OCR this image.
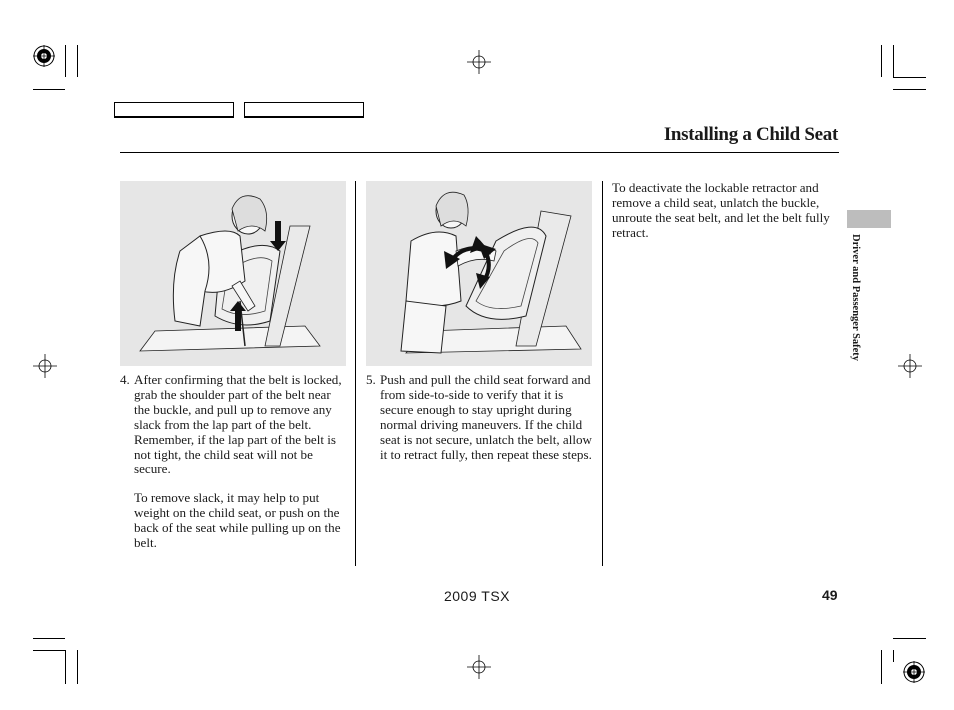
Installing a Child Seat
4. After confirming that the belt is locked, grab the shoulder part of the belt near the buckle, and pull up to remove any slack from the lap part of the belt. Remember, if the lap part of the belt is not tight, the child seat will not be secure.
To remove slack, it may help to put weight on the child seat, or push on the back of the seat while pulling up on the belt.
5. Push and pull the child seat forward and from side-to-side to verify that it is secure enough to stay upright during normal driving maneuvers. If the child seat is not secure, unlatch the belt, allow it to retract fully, then repeat these steps.
To deactivate the lockable retractor and remove a child seat, unlatch the buckle, unroute the seat belt, and let the belt fully retract.
Driver and Passenger Safety
2009 TSX	49
